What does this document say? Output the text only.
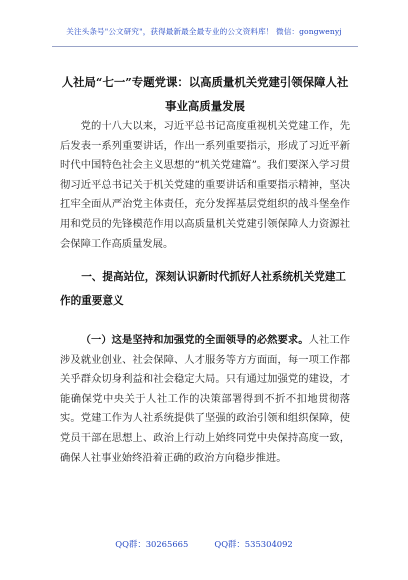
关注头条号"公文研究"，获得最新最全最专业的公文资料库！ 微信：gongwenyj
人社局“七一”专题党课：以高质量机关党建引领保障人社事业高质量发展

党的十八大以来，习近平总书记高度重视机关党建工作，先后发表一系列重要讲话，作出一系列重要指示，形成了习近平新时代中国特色社会主义思想的“机关党建篇”。我们要深入学习贯彻习近平总书记关于机关党建的重要讲话和重要指示精神，坚决扛牢全面从严治党主体责任，充分发挥基层党组织的战斗堡垒作用和党员的先锋模范作用以高质量机关党建引领保障人力资源社会保障工作高质量发展。

一、提高站位，深刻认识新时代抓好人社系统机关党建工作的重要意义

（一）这是坚持和加强党的全面领导的必然要求。人社工作涉及就业创业、社会保障、人才服务等方方面面，每一项工作都关乎群众切身利益和社会稳定大局。只有通过加强党的建设，才能确保党中央关于人社工作的决策部署得到不折不扣地贯彻落实。党建工作为人社系统提供了坚强的政治引领和组织保障，使党员干部在思想上、政治上行动上始终同党中央保持高度一致，确保人社事业始终沿着正确的政治方向稳步推进。

QQ群：30265665	QQ群：535304092
